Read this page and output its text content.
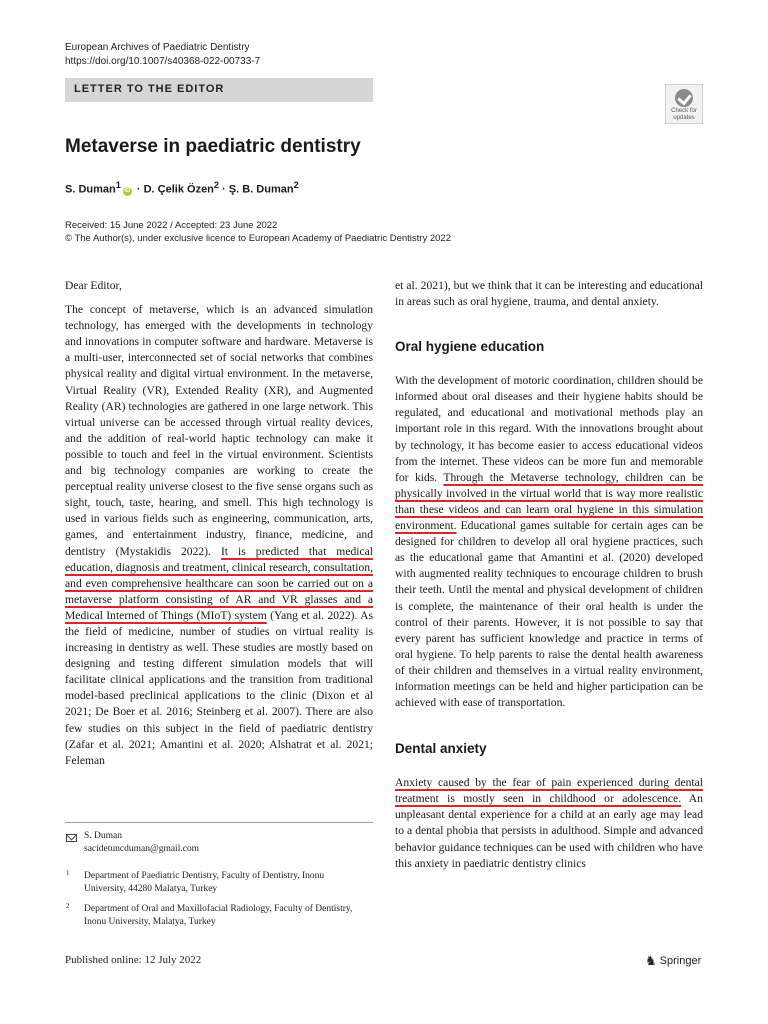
European Archives of Paediatric Dentistry
https://doi.org/10.1007/s40368-022-00733-7
LETTER TO THE EDITOR
Check for
updates
Metaverse in paediatric dentistry
S. Duman$^1$iD · D. Çelik Özen$^2$ · Ş. B. Duman$^2$
Received: 15 June 2022 / Accepted: 23 June 2022
© The Author(s), under exclusive licence to European Academy of Paediatric Dentistry 2022

Dear Editor,

The concept of metaverse, which is an advanced simulation technology, has emerged with the developments in technology and innovations in computer software and hardware. Metaverse is a multi-user, interconnected set of social networks that combines physical reality and digital virtual environment. In the metaverse, Virtual Reality (VR), Extended Reality (XR), and Augmented Reality (AR) technologies are gathered in one large network. This virtual universe can be accessed through virtual reality devices, and the addition of real-world haptic technology can make it possible to touch and feel in the virtual environment. Scientists and big technology companies are working to create the perceptual reality universe closest to the five sense organs such as sight, touch, taste, hearing, and smell. This high technology is used in various fields such as engineering, communication, arts, games, and entertainment industry, finance, medicine, and dentistry (Mystakidis 2022). It is predicted that medical education, diagnosis and treatment, clinical research, consultation, and even comprehensive healthcare can soon be carried out on a metaverse platform consisting of AR and VR glasses and a Medical Interned of Things (MIoT) system (Yang et al. 2022). As the field of medicine, number of studies on virtual reality is increasing in dentistry as well. These studies are mostly based on designing and testing different simulation models that will facilitate clinical applications and the transition from traditional model-based preclinical applications to the clinic (Dixon et al 2021; De Boer et al. 2016; Steinberg et al. 2007). There are also few studies on this subject in the field of paediatric dentistry (Zafar et al. 2021; Amantini et al. 2020; Alshatrat et al. 2021; Feleman

et al. 2021), but we think that it can be interesting and educational in areas such as oral hygiene, trauma, and dental anxiety.

Oral hygiene education

With the development of motoric coordination, children should be informed about oral diseases and their hygiene habits should be regulated, and educational and motivational methods play an important role in this regard. With the innovations brought about by technology, it has become easier to access educational videos from the internet. These videos can be more fun and memorable for kids. Through the Metaverse technology, children can be physically involved in the virtual world that is way more realistic than these videos and can learn oral hygiene in this simulation environment. Educational games suitable for certain ages can be designed for children to develop all oral hygiene practices, such as the educational game that Amantini et al. (2020) developed with augmented reality techniques to encourage children to brush their teeth. Until the mental and physical development of children is complete, the maintenance of their oral health is under the control of their parents. However, it is not possible to say that every parent has sufficient knowledge and practice in terms of oral hygiene. To help parents to raise the dental health awareness of their children and themselves in a virtual reality environment, information meetings can be held and higher participation can be achieved with ease of transportation.

Dental anxiety

Anxiety caused by the fear of pain experienced during dental treatment is mostly seen in childhood or adolescence. An unpleasant dental experience for a child at an early age may lead to a dental phobia that persists in adulthood. Simple and advanced behavior guidance techniques can be used with children who have this anxiety in paediatric dentistry clinics

S. Duman
sacidetuncduman@gmail.com
1 Department of Paediatric Dentistry, Faculty of Dentistry, Inonu University, 44280 Malatya, Turkey
2 Department of Oral and Maxillofacial Radiology, Faculty of Dentistry, Inonu University, Malatya, Turkey
Published online: 12 July 2022	♞ Springer
